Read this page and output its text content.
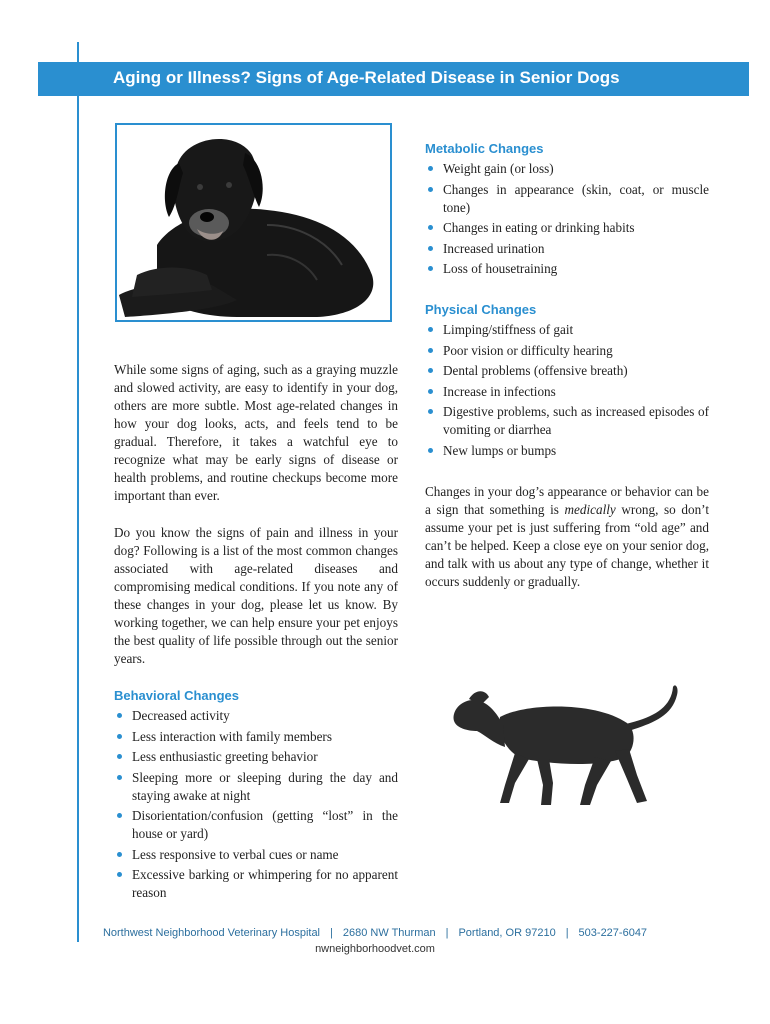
Aging or Illness? Signs of Age-Related Disease in Senior Dogs

While some signs of aging, such as a graying muzzle and slowed activity, are easy to identify in your dog, others are more subtle. Most age-related changes in how your dog looks, acts, and feels tend to be gradual. Therefore, it takes a watchful eye to recognize what may be early signs of disease or health problems, and routine checkups become more important than ever.

Do you know the signs of pain and illness in your dog? Following is a list of the most common changes associated with age-related diseases and compromising medical conditions. If you note any of these changes in your dog, please let us know. By working together, we can help ensure your pet enjoys the best quality of life possible through out the senior years.

Metabolic Changes
Weight gain (or loss)
Changes in appearance (skin, coat, or muscle tone)
Changes in eating or drinking habits
Increased urination
Loss of housetraining
Physical Changes
Limping/stiffness of gait
Poor vision or difficulty hearing
Dental problems (offensive breath)
Increase in infections
Digestive problems, such as increased episodes of vomiting or diarrhea
New lumps or bumps

Changes in your dog’s appearance or behavior can be a sign that something is medically wrong, so don’t assume your pet is just suffering from “old age” and can’t be helped. Keep a close eye on your senior dog, and talk with us about any type of change, whether it occurs suddenly or gradually.

Behavioral Changes
Decreased activity
Less interaction with family members
Less enthusiastic greeting behavior
Sleeping more or sleeping during the day and staying awake at night
Disorientation/confusion (getting “lost” in the house or yard)
Less responsive to verbal cues or name
Excessive barking or whimpering for no apparent reason
Northwest Neighborhood Veterinary Hospital | 2680 NW Thurman | Portland, OR 97210 | 503-227-6047
nwneighborhoodvet.com
